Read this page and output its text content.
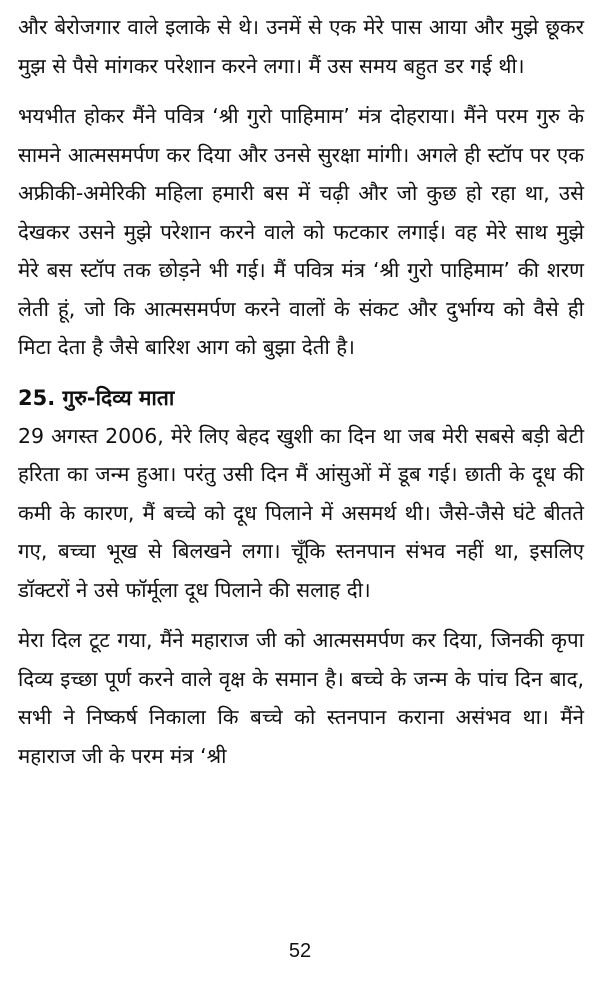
और बेरोजगार वाले इलाके से थे। उनमें से एक मेरे पास आया और मुझे छूकर मुझ से पैसे मांगकर परेशान करने लगा। मैं उस समय बहुत डर गई थी।

भयभीत होकर मैंने पवित्र ‘श्री गुरो पाहिमाम’ मंत्र दोहराया। मैंने परम गुरु के सामने आत्मसमर्पण कर दिया और उनसे सुरक्षा मांगी। अगले ही स्टॉप पर एक अफ्रीकी-अमेरिकी महिला हमारी बस में चढ़ी और जो कुछ हो रहा था, उसे देखकर उसने मुझे परेशान करने वाले को फटकार लगाई। वह मेरे साथ मुझे मेरे बस स्टॉप तक छोड़ने भी गई। मैं पवित्र मंत्र ‘श्री गुरो पाहिमाम’ की शरण लेती हूं, जो कि आत्मसमर्पण करने वालों के संकट और दुर्भाग्य को वैसे ही मिटा देता है जैसे बारिश आग को बुझा देती है।

25. गुरु-दिव्य माता

29 अगस्त 2006, मेरे लिए बेहद खुशी का दिन था जब मेरी सबसे बड़ी बेटी हरिता का जन्म हुआ। परंतु उसी दिन मैं आंसुओं में डूब गई। छाती के दूध की कमी के कारण, मैं बच्चे को दूध पिलाने में असमर्थ थी। जैसे-जैसे घंटे बीतते गए, बच्चा भूख से बिलखने लगा। चूँकि स्तनपान संभव नहीं था, इसलिए डॉक्टरों ने उसे फॉर्मूला दूध पिलाने की सलाह दी।

मेरा दिल टूट गया, मैंने महाराज जी को आत्मसमर्पण कर दिया, जिनकी कृपा दिव्य इच्छा पूर्ण करने वाले वृक्ष के समान है। बच्चे के जन्म के पांच दिन बाद, सभी ने निष्कर्ष निकाला कि बच्चे को स्तनपान कराना असंभव था। मैंने महाराज जी के परम मंत्र ‘श्री

52
